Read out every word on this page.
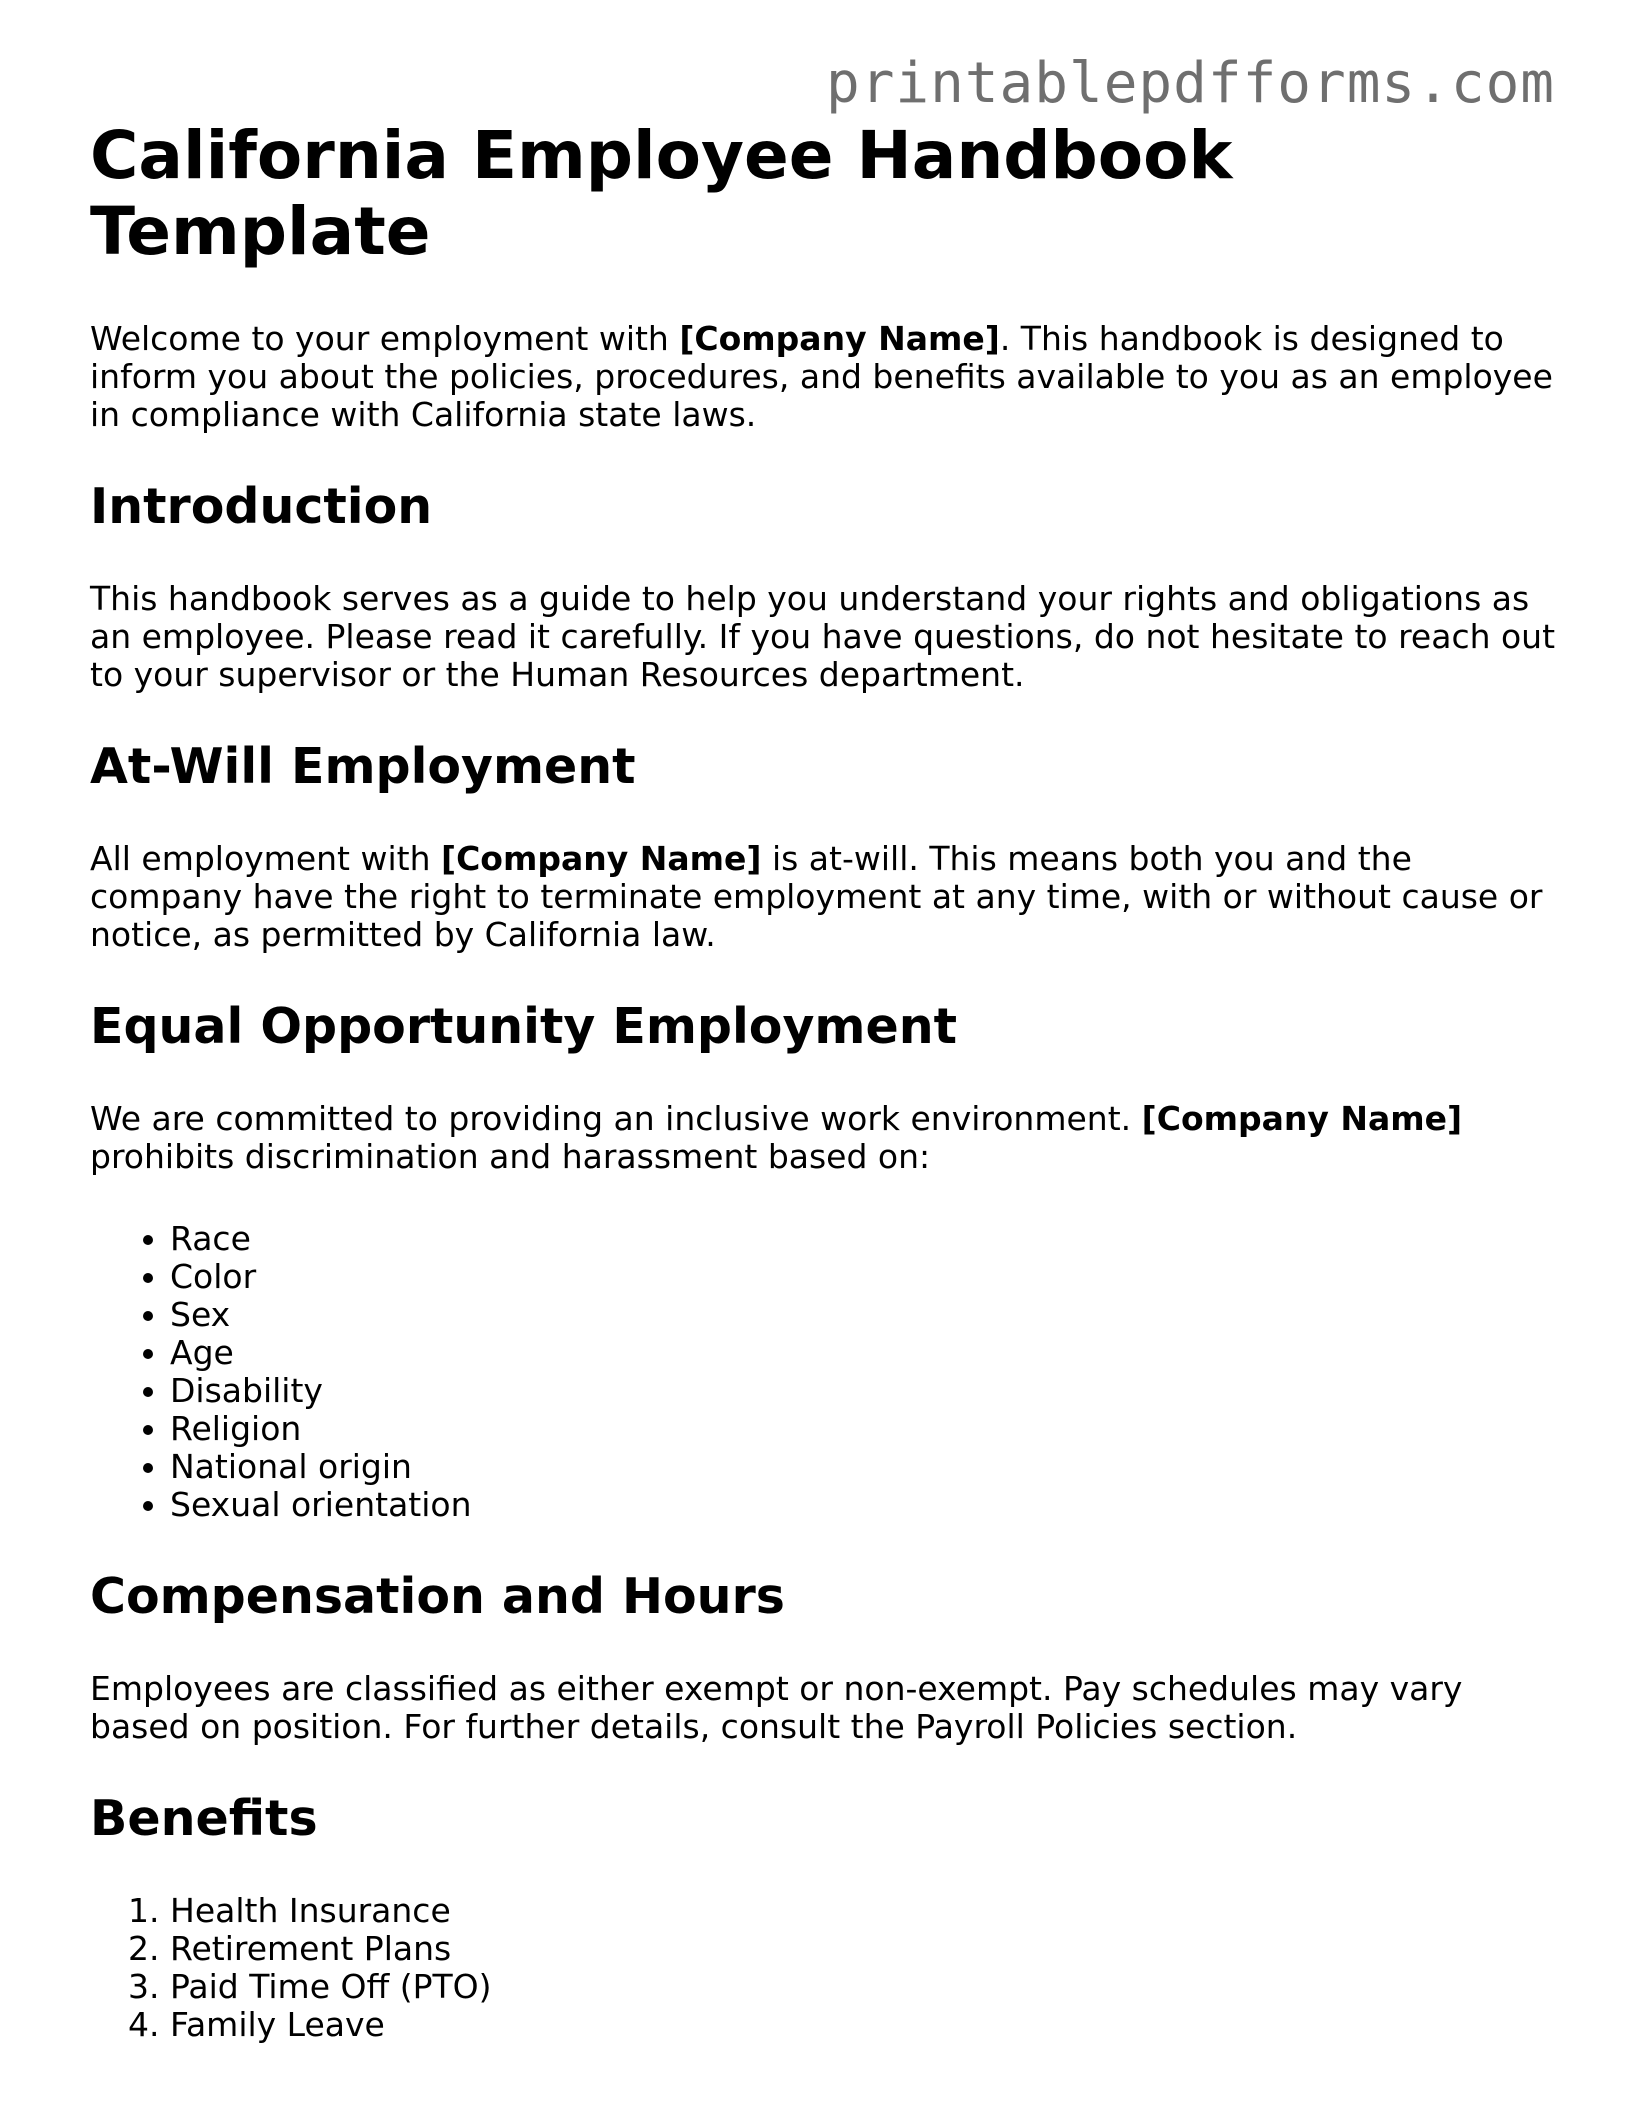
printablepdfforms.com
California Employee Handbook Template

Welcome to your employment with [Company Name]. This handbook is designed to inform you about the policies, procedures, and benefits available to you as an employee in compliance with California state laws.

Introduction

This handbook serves as a guide to help you understand your rights and obligations as an employee. Please read it carefully. If you have questions, do not hesitate to reach out to your supervisor or the Human Resources department.

At-Will Employment

All employment with [Company Name] is at-will. This means both you and the company have the right to terminate employment at any time, with or without cause or notice, as permitted by California law.

Equal Opportunity Employment

We are committed to providing an inclusive work environment. [Company Name] prohibits discrimination and harassment based on:

• Race
• Color
• Sex
• Age
• Disability
• Religion
• National origin
• Sexual orientation
Compensation and Hours

Employees are classified as either exempt or non-exempt. Pay schedules may vary based on position. For further details, consult the Payroll Policies section.

Benefits
1. Health Insurance
2. Retirement Plans
3. Paid Time Off (PTO)
4. Family Leave
